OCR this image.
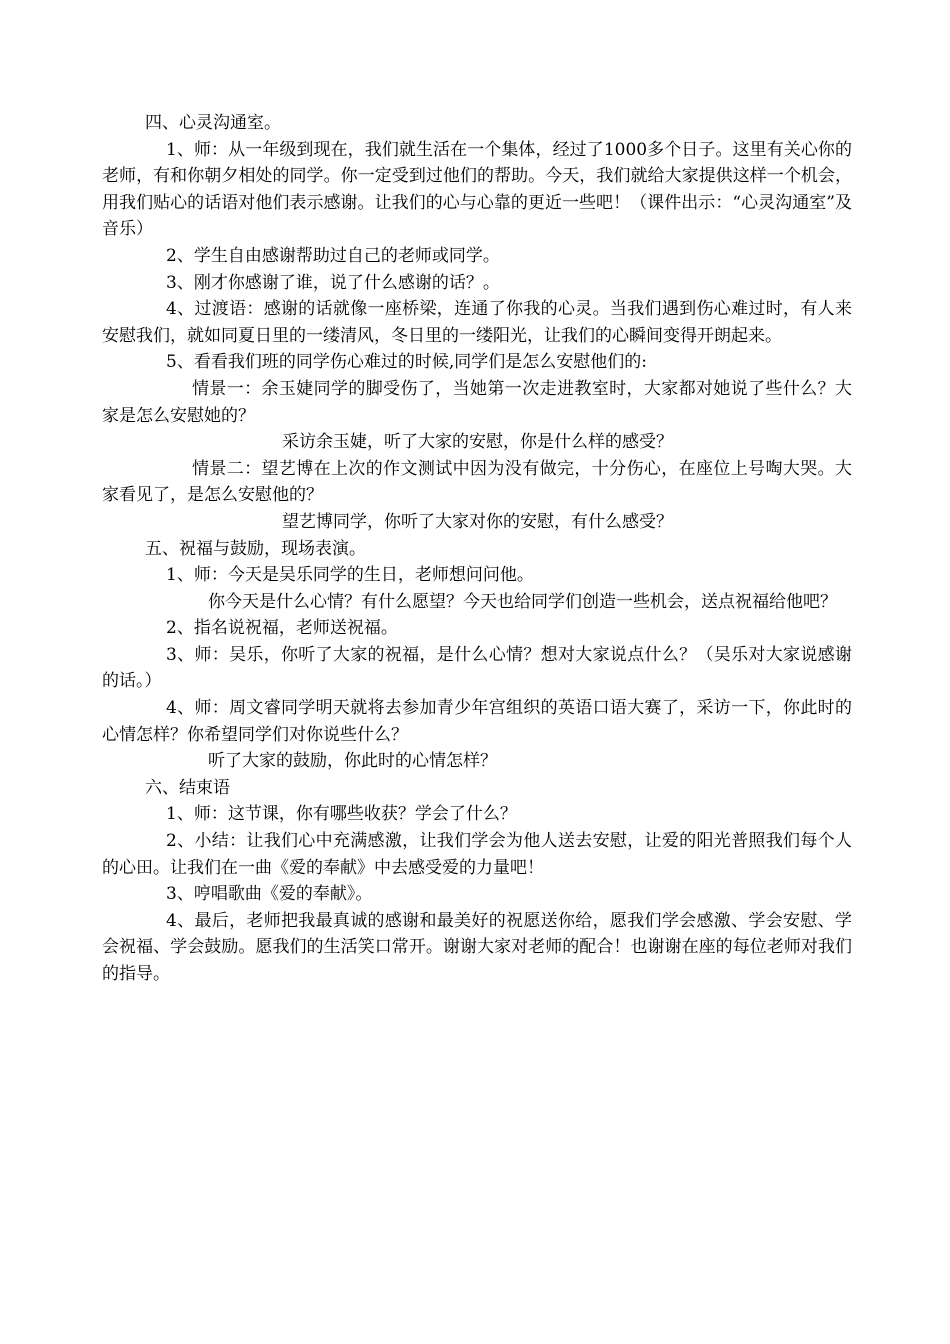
四、心灵沟通室。

1、师：从一年级到现在，我们就生活在一个集体，经过了1000多个日子。这里有关心你的老师，有和你朝夕相处的同学。你一定受到过他们的帮助。今天，我们就给大家提供这样一个机会，用我们贴心的话语对他们表示感谢。让我们的心与心靠的更近一些吧！（课件出示：“心灵沟通室”及音乐）

2、学生自由感谢帮助过自己的老师或同学。

3、刚才你感谢了谁，说了什么感谢的话？。

4、过渡语：感谢的话就像一座桥梁，连通了你我的心灵。当我们遇到伤心难过时，有人来安慰我们，就如同夏日里的一缕清风，冬日里的一缕阳光，让我们的心瞬间变得开朗起来。

5、看看我们班的同学伤心难过的时候,同学们是怎么安慰他们的:

情景一：余玉婕同学的脚受伤了，当她第一次走进教室时，大家都对她说了些什么？大家是怎么安慰她的？

采访余玉婕，听了大家的安慰，你是什么样的感受？

情景二：望艺博在上次的作文测试中因为没有做完，十分伤心，在座位上号啕大哭。大家看见了，是怎么安慰他的？

望艺博同学，你听了大家对你的安慰，有什么感受？

五、祝福与鼓励，现场表演。

1、师：今天是吴乐同学的生日，老师想问问他。

你今天是什么心情？有什么愿望？今天也给同学们创造一些机会，送点祝福给他吧？

2、指名说祝福，老师送祝福。

3、师：吴乐，你听了大家的祝福，是什么心情？想对大家说点什么？（吴乐对大家说感谢的话。）

4、师：周文睿同学明天就将去参加青少年宫组织的英语口语大赛了，采访一下，你此时的心情怎样？你希望同学们对你说些什么？

听了大家的鼓励，你此时的心情怎样？

六、结束语

1、师：这节课，你有哪些收获？学会了什么？

2、小结：让我们心中充满感激，让我们学会为他人送去安慰，让爱的阳光普照我们每个人的心田。让我们在一曲《爱的奉献》中去感受爱的力量吧！

3、哼唱歌曲《爱的奉献》。

4、最后，老师把我最真诚的感谢和最美好的祝愿送你给，愿我们学会感激、学会安慰、学会祝福、学会鼓励。愿我们的生活笑口常开。谢谢大家对老师的配合！也谢谢在座的每位老师对我们的指导。
